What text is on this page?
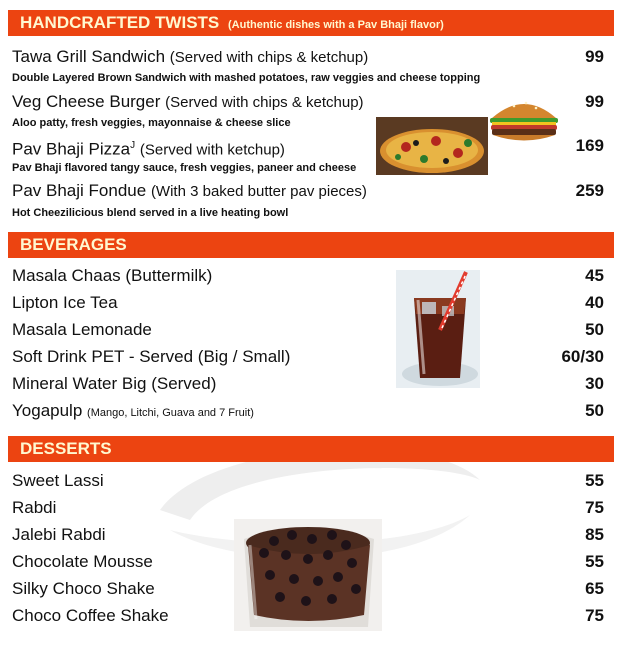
HANDCRAFTED TWISTS (Authentic dishes with a Pav Bhaji flavor)
Tawa Grill Sandwich (Served with chips & ketchup)	99
Double Layered Brown Sandwich with mashed potatoes, raw veggies and cheese topping
Veg Cheese Burger (Served with chips & ketchup)	99
Aloo patty, fresh veggies, mayonnaise & cheese slice
Pav Bhaji Pizza$^J$ (Served with ketchup)	169
Pav Bhaji flavored tangy sauce, fresh veggies, paneer and cheese
Pav Bhaji Fondue (With 3 baked butter pav pieces)	259
Hot Cheezilicious blend served in a live heating bowl
BEVERAGES
Masala Chaas (Buttermilk)	45
Lipton Ice Tea	40
Masala Lemonade	50
Soft Drink PET - Served (Big / Small)	60/30
Mineral Water Big (Served)	30
Yogapulp (Mango, Litchi, Guava and 7 Fruit)	50
DESSERTS
Sweet Lassi	55
Rabdi	75
Jalebi Rabdi	85
Chocolate Mousse	55
Silky Choco Shake	65
Choco Coffee Shake	75
